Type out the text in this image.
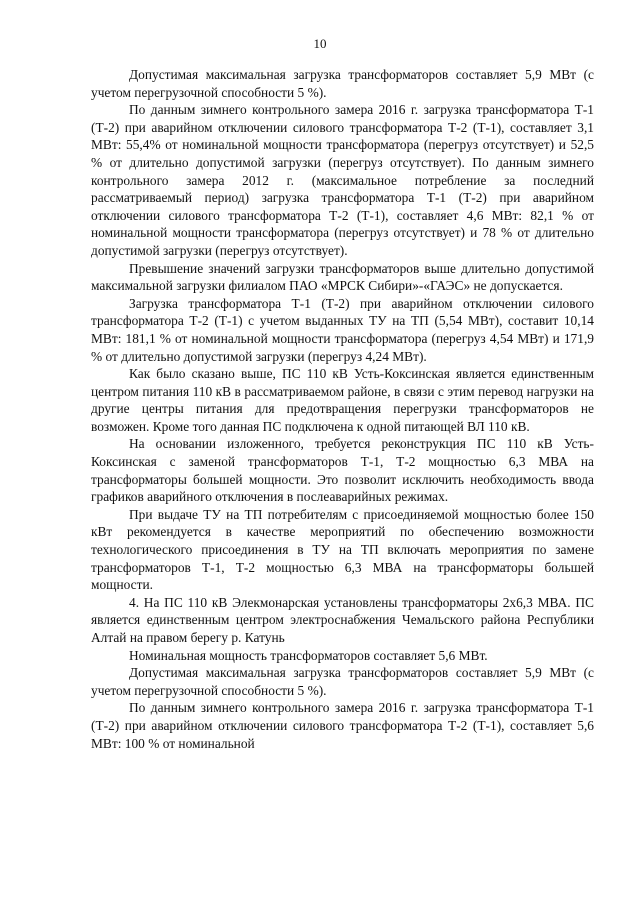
10

Допустимая максимальная загрузка трансформаторов составляет 5,9 МВт (с учетом перегрузочной способности 5 %).

По данным зимнего контрольного замера 2016 г. загрузка трансформатора Т-1 (Т-2) при аварийном отключении силового трансформатора Т-2 (Т-1), составляет 3,1 МВт: 55,4% от номинальной мощности трансформатора (перегруз отсутствует) и 52,5 % от длительно допустимой загрузки (перегруз отсутствует). По данным зимнего контрольного замера 2012 г. (максимальное потребление за последний рассматриваемый период) загрузка трансформатора Т-1 (Т-2) при аварийном отключении силового трансформатора Т-2 (Т-1), составляет 4,6 МВт: 82,1 % от номинальной мощности трансформатора (перегруз отсутствует) и 78 % от длительно допустимой загрузки (перегруз отсутствует).

Превышение значений загрузки трансформаторов выше длительно допустимой максимальной загрузки филиалом ПАО «МРСК Сибири»-«ГАЭС» не допускается.

Загрузка трансформатора Т-1 (Т-2) при аварийном отключении силового трансформатора Т-2 (Т-1) с учетом выданных ТУ на ТП (5,54 МВт), составит 10,14 МВт: 181,1 % от номинальной мощности трансформатора (перегруз 4,54 МВт) и 171,9 % от длительно допустимой загрузки (перегруз 4,24 МВт).

Как было сказано выше, ПС 110 кВ Усть-Коксинская является единственным центром питания 110 кВ в рассматриваемом районе, в связи с этим перевод нагрузки на другие центры питания для предотвращения перегрузки трансформаторов не возможен. Кроме того данная ПС подключена к одной питающей ВЛ 110 кВ.

На основании изложенного, требуется реконструкция ПС 110 кВ Усть-Коксинская с заменой трансформаторов Т-1, Т-2 мощностью 6,3 МВА на трансформаторы большей мощности. Это позволит исключить необходимость ввода графиков аварийного отключения в послеаварийных режимах.

При выдаче ТУ на ТП потребителям с присоединяемой мощностью более 150 кВт рекомендуется в качестве мероприятий по обеспечению возможности технологического присоединения в ТУ на ТП включать мероприятия по замене трансформаторов Т-1, Т-2 мощностью 6,3 МВА на трансформаторы большей мощности.

4. На ПС 110 кВ Элекмонарская установлены трансформаторы 2х6,3 МВА. ПС является единственным центром электроснабжения Чемальского района Республики Алтай на правом берегу р. Катунь

Номинальная мощность трансформаторов составляет 5,6 МВт.

Допустимая максимальная загрузка трансформаторов составляет 5,9 МВт (с учетом перегрузочной способности 5 %).

По данным зимнего контрольного замера 2016 г. загрузка трансформатора Т-1 (Т-2) при аварийном отключении силового трансформатора Т-2 (Т-1), составляет 5,6 МВт: 100 % от номинальной
